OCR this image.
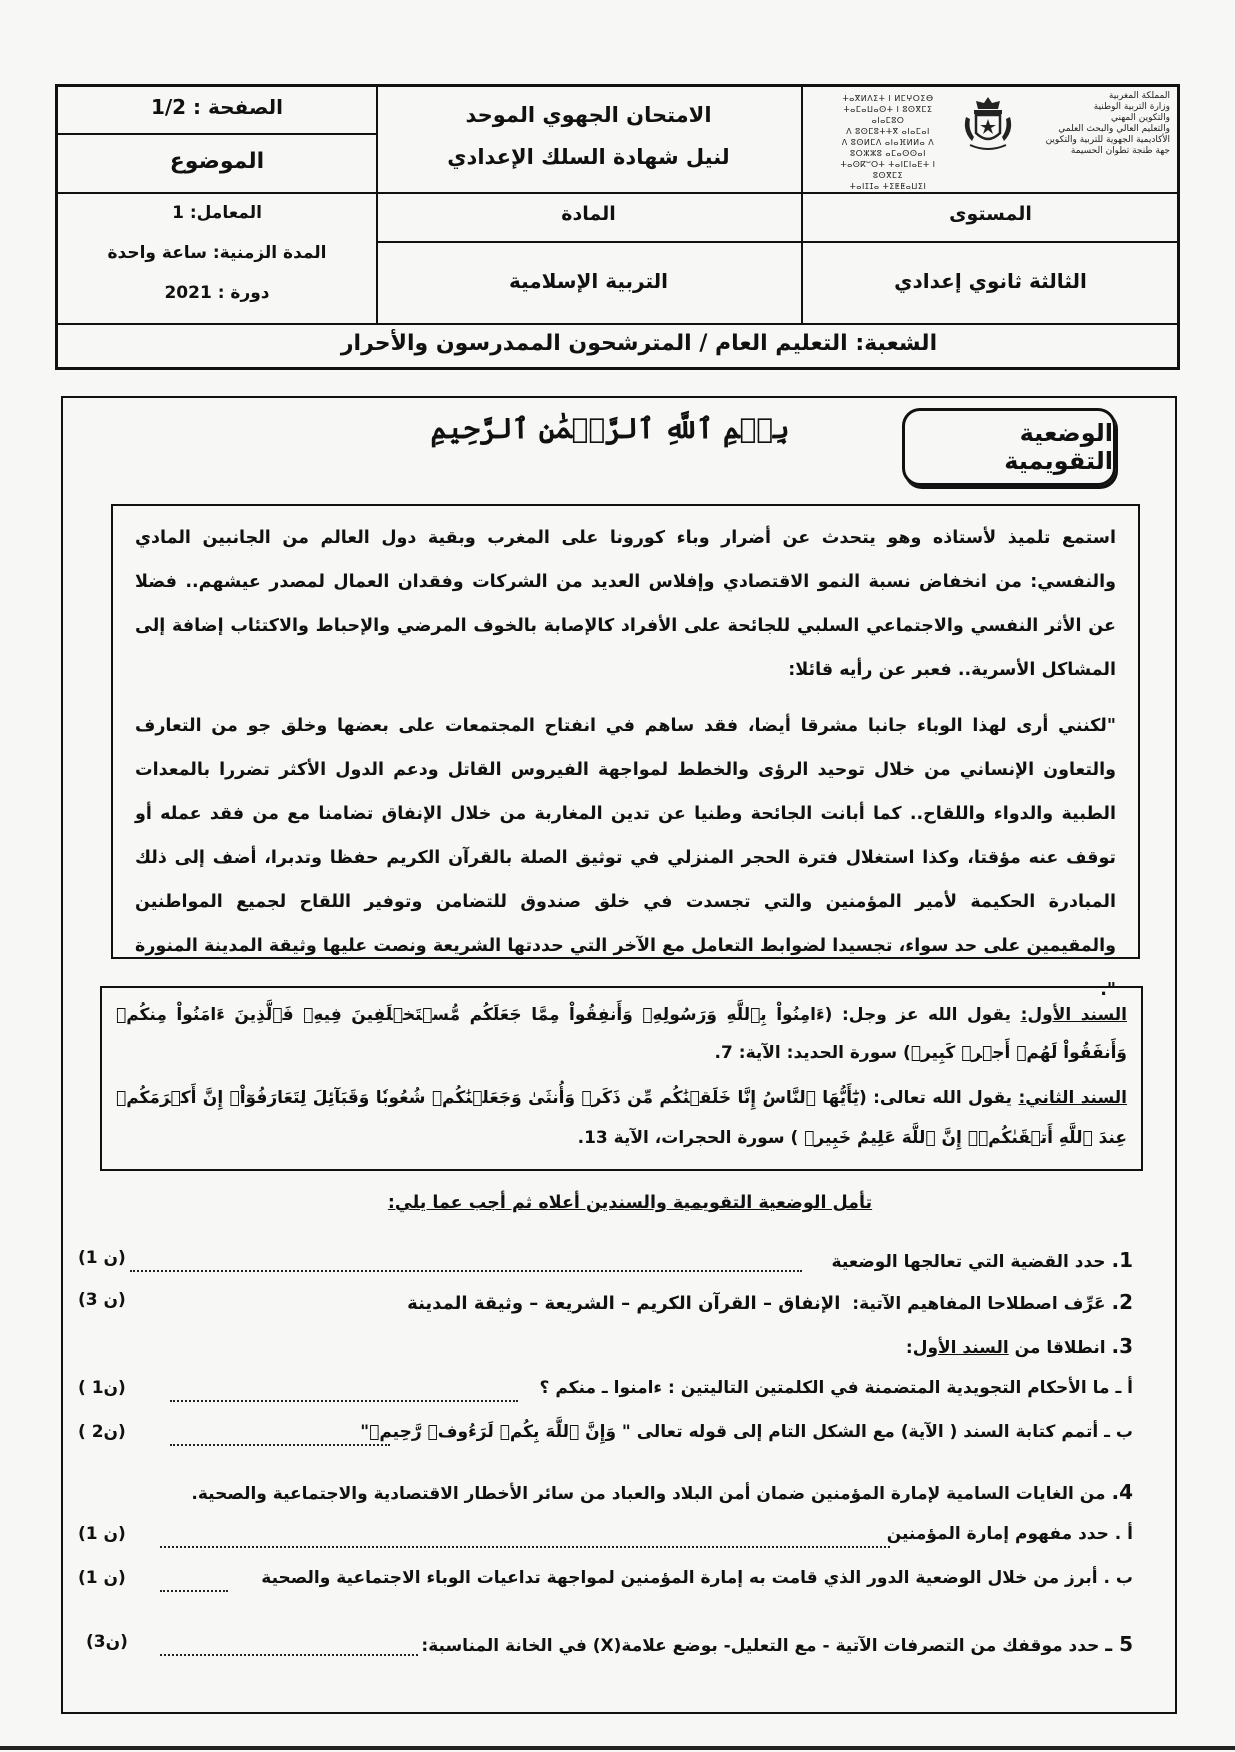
الصفحة : 1/2
الموضوع
المعامل: 1
المدة الزمنية: ساعة واحدة
دورة : 2021
الامتحان الجهوي الموحد
لنيل شهادة السلك الإعدادي
المادة
التربية الإسلامية
ⵜⴰⴳⵍⴷⵉⵜ ⵏ ⵍⵎⵖⵔⵉⴱ
ⵜⴰⵎⴰⵡⴰⵙⵜ ⵏ ⵓⵙⴳⵎⵉ ⴰⵏⴰⵎⵓⵔ
ⴷ ⵓⵙⵎⵓⵜⵜⴳ ⴰⵏⴰⵎⴰⵏ
ⴷ ⵓⵙⵍⵎⴷ ⴰⵏⴰⴼⵍⵍⴰ ⴷ ⵓⵔⵣⵣⵓ ⴰⵎⴰⵙⵙⴰⵏ
ⵜⴰⵙⴽⵯⵔⵜ ⵜⴰⵏⵎⵏⴰⴹⵜ ⵏ ⵓⵙⴳⵎⵉ
ⵜⴰⵏⵊⵊⴰ ⵜⵉⵟⵟⴰⵡⵉⵏ
المملكة المغربية
وزارة التربية الوطنية
والتكوين المهني
والتعليم العالي والبحث العلمي
الأكاديمية الجهوية للتربية والتكوين
جهة طنجة تطوان الحسيمة
المستوى
الثالثة ثانوي إعدادي
الشعبة: التعليم العام / المترشحون الممدرسون والأحرار
الوضعية التقويمية
بِسۡمِ ٱللَّهِ ٱلرَّحۡمَٰنِ ٱلرَّحِيمِ
استمع تلميذ لأستاذه وهو يتحدث عن أضرار وباء كورونا على المغرب وبقية دول العالم من الجانبين المادي والنفسي: من انخفاض نسبة النمو الاقتصادي وإفلاس العديد من الشركات وفقدان العمال لمصدر عيشهم.. فضلا عن الأثر النفسي والاجتماعي السلبي للجائحة على الأفراد كالإصابة بالخوف المرضي والإحباط والاكتئاب إضافة إلى المشاكل الأسرية.. فعبر عن رأيه قائلا:
"لكنني أرى لهذا الوباء جانبا مشرقا أيضا، فقد ساهم في انفتاح المجتمعات على بعضها وخلق جو من التعارف والتعاون الإنساني من خلال توحيد الرؤى والخطط لمواجهة الفيروس القاتل ودعم الدول الأكثر تضررا بالمعدات الطبية والدواء واللقاح.. كما أبانت الجائحة وطنيا عن تدين المغاربة من خلال الإنفاق تضامنا مع من فقد عمله أو توقف عنه مؤقتا، وكذا استغلال فترة الحجر المنزلي في توثيق الصلة بالقرآن الكريم حفظا وتدبرا، أضف إلى ذلك المبادرة الحكيمة لأمير المؤمنين والتي تجسدت في خلق صندوق للتضامن وتوفير اللقاح لجميع المواطنين والمقيمين على حد سواء، تجسيدا لضوابط التعامل مع الآخر التي حددتها الشريعة ونصت عليها وثيقة المدينة المنورة ".
السند الأول: يقول الله عز وجل: (ءَامِنُواْ بِٱللَّهِ وَرَسُولِهِۦ وَأَنفِقُواْ مِمَّا جَعَلَكُم مُّسۡتَخۡلَفِينَ فِيهِۖ فَٱلَّذِينَ ءَامَنُواْ مِنكُمۡ وَأَنفَقُواْ لَهُمۡ أَجۡرٞ كَبِيرٞ) سورة الحديد: الآية: 7.
السند الثاني: يقول الله تعالى: (يَٰٓأَيُّهَا ٱلنَّاسُ إِنَّا خَلَقۡنَٰكُم مِّن ذَكَرٖ وَأُنثَىٰ وَجَعَلۡنَٰكُمۡ شُعُوبٗا وَقَبَآئِلَ لِتَعَارَفُوٓاْۚ إِنَّ أَكۡرَمَكُمۡ عِندَ ٱللَّهِ أَتۡقَىٰكُمۡۚ إِنَّ ٱللَّهَ عَلِيمٌ خَبِيرٞ ) سورة الحجرات، الآية 13.
تأمل الوضعية التقويمية والسندين أعلاه ثم أجب عما يلي:
1. حدد القضية التي تعالجها الوضعية
(1 ن)
2. عَرِّف اصطلاحا المفاهيم الآتية: الإنفاق – القرآن الكريم – الشريعة – وثيقة المدينة
(3 ن)
3. انطلاقا من السند الأول:
أ ـ ما الأحكام التجويدية المتضمنة في الكلمتين التاليتين : ءامنوا ـ منكم ؟
( 1ن)
ب ـ أتمم كتابة السند ( الآية) مع الشكل التام إلى قوله تعالى " وَإِنَّ ٱللَّهَ بِكُمۡ لَرَءُوفٞ رَّحِيمٞ"
( 2ن)
4. من الغايات السامية لإمارة المؤمنين ضمان أمن البلاد والعباد من سائر الأخطار الاقتصادية والاجتماعية والصحية.
أ . حدد مفهوم إمارة المؤمنين
(1 ن)
ب . أبرز من خلال الوضعية الدور الذي قامت به إمارة المؤمنين لمواجهة تداعيات الوباء الاجتماعية والصحية
(1 ن)
5 ـ حدد موقفك من التصرفات الآتية - مع التعليل- بوضع علامة(X) في الخانة المناسبة:
(3ن)
